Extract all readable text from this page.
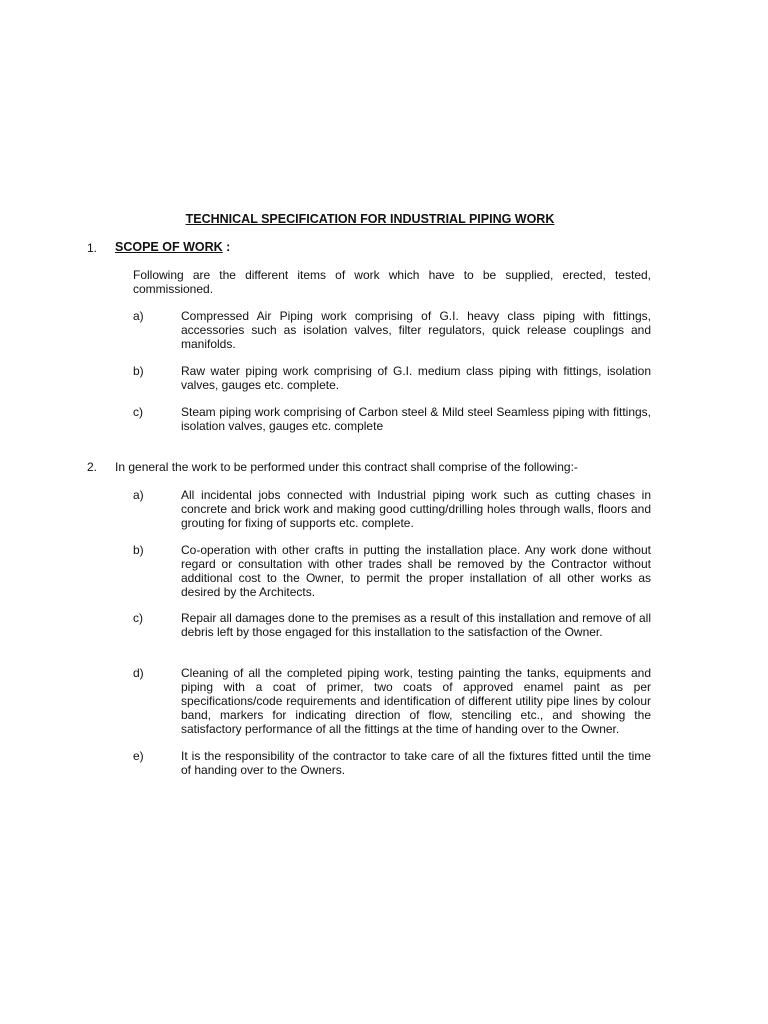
TECHNICAL SPECIFICATION FOR INDUSTRIAL PIPING WORK
1. SCOPE OF WORK :
Following are the different items of work which have to be supplied, erected, tested, commissioned.
a)	Compressed Air Piping work comprising of G.I. heavy class piping with fittings, accessories such as isolation valves, filter regulators, quick release couplings and manifolds.
b)	Raw water piping work comprising of G.I. medium class piping with fittings, isolation valves, gauges etc. complete.
c)	Steam piping work comprising of Carbon steel & Mild steel Seamless piping with fittings, isolation valves, gauges etc. complete
2. In general the work to be performed under this contract shall comprise of the following:-
a)	All incidental jobs connected with Industrial piping work such as cutting chases in concrete and brick work and making good cutting/drilling holes through walls, floors and grouting for fixing of supports etc. complete.
b)	Co-operation with other crafts in putting the installation place. Any work done without regard or consultation with other trades shall be removed by the Contractor without additional cost to the Owner, to permit the proper installation of all other works as desired by the Architects.
c)	Repair all damages done to the premises as a result of this installation and remove of all debris left by those engaged for this installation to the satisfaction of the Owner.
d)	Cleaning of all the completed piping work, testing painting the tanks, equipments and piping with a coat of primer, two coats of approved enamel paint as per specifications/code requirements and identification of different utility pipe lines by colour band, markers for indicating direction of flow, stenciling etc., and showing the satisfactory performance of all the fittings at the time of handing over to the Owner.
e)	It is the responsibility of the contractor to take care of all the fixtures fitted until the time of handing over to the Owners.
